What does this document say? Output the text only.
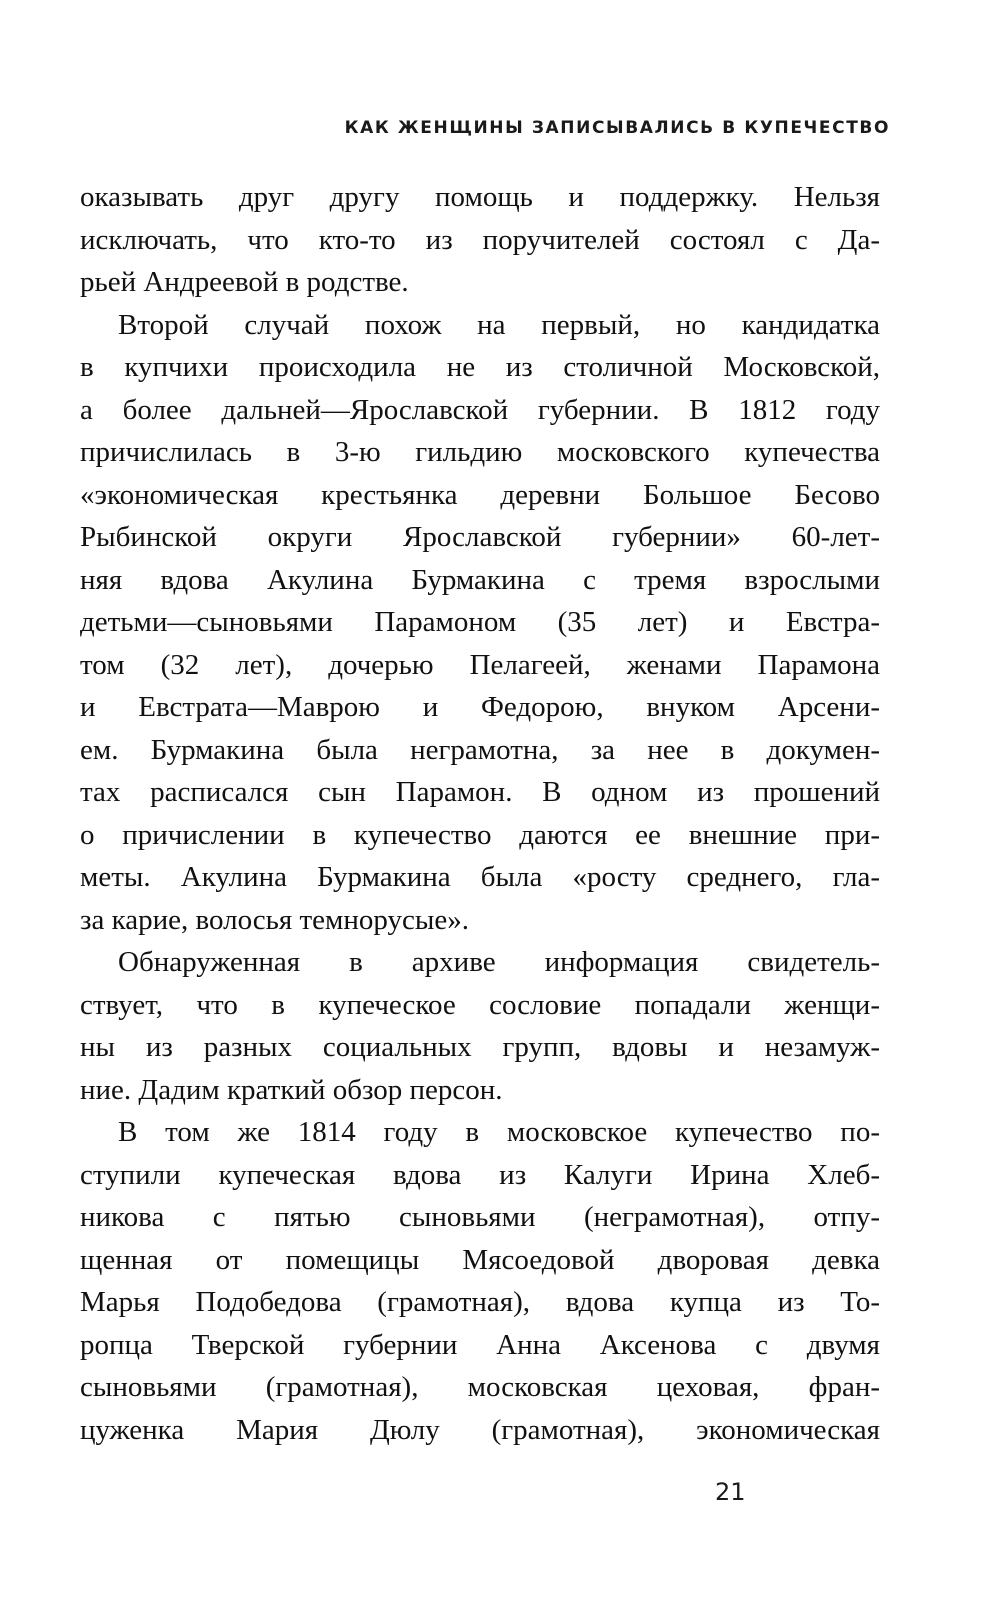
КАК ЖЕНЩИНЫ ЗАПИСЫВАЛИСЬ В КУПЕЧЕСТВО
оказывать друг другу помощь и поддержку. Нельзя
исключать, что кто-то из поручителей состоял с Да-
рьей Андреевой в родстве.
Второй случай похож на первый, но кандидатка
в купчихи происходила не из столичной Московской,
а более дальней—Ярославской губернии. В 1812 году
причислилась в 3-ю гильдию московского купечества
«экономическая крестьянка деревни Большое Бесово
Рыбинской округи Ярославской губернии» 60-лет-
няя вдова Акулина Бурмакина с тремя взрослыми
детьми—сыновьями Парамоном (35 лет) и Евстра-
том (32 лет), дочерью Пелагеей, женами Парамона
и Евстрата—Маврою и Федорою, внуком Арсени-
ем. Бурмакина была неграмотна, за нее в докумен-
тах расписался сын Парамон. В одном из прошений
о причислении в купечество даются ее внешние при-
меты. Акулина Бурмакина была «росту среднего, гла-
за карие, волосья темнорусые».
Обнаруженная в архиве информация свидетель-
ствует, что в купеческое сословие попадали женщи-
ны из разных социальных групп, вдовы и незамуж-
ние. Дадим краткий обзор персон.
В том же 1814 году в московское купечество по-
ступили купеческая вдова из Калуги Ирина Хлеб-
никова с пятью сыновьями (неграмотная), отпу-
щенная от помещицы Мясоедовой дворовая девка
Марья Подобедова (грамотная), вдова купца из То-
ропца Тверской губернии Анна Аксенова с двумя
сыновьями (грамотная), московская цеховая, фран-
цуженка Мария Дюлу (грамотная), экономическая
21
